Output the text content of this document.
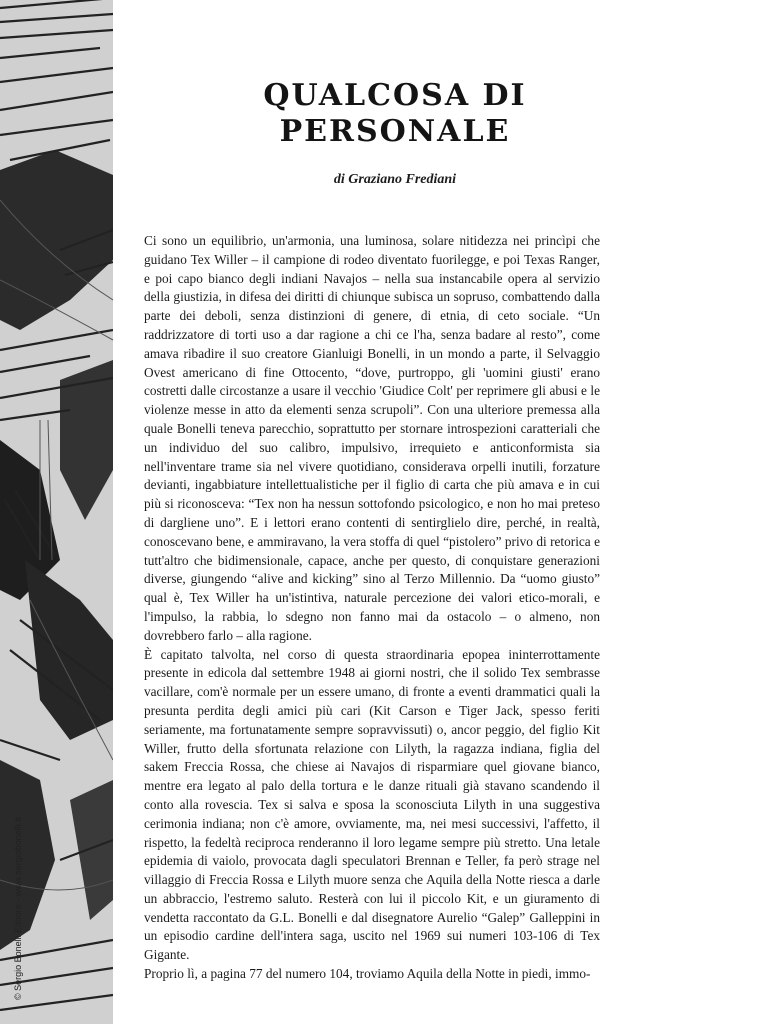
© Sergio Bonelli Editore - www.sergiobonelli.it
QUALCOSA DI
PERSONALE
di Graziano Frediani

Ci sono un equilibrio, un'armonia, una luminosa, solare nitidezza nei princìpi che guidano Tex Willer – il campione di rodeo diventato fuorilegge, e poi Texas Ranger, e poi capo bianco degli indiani Navajos – nella sua instancabile opera al servizio della giustizia, in difesa dei diritti di chiunque subisca un sopruso, combattendo dalla parte dei deboli, senza distinzioni di genere, di etnia, di ceto sociale. “Un raddrizzatore di torti uso a dar ragione a chi ce l'ha, senza badare al resto”, come amava ribadire il suo creatore Gianluigi Bonelli, in un mondo a parte, il Selvaggio Ovest americano di fine Ottocento, “dove, purtroppo, gli 'uomini giusti' erano costretti dalle circostanze a usare il vecchio 'Giudice Colt' per reprimere gli abusi e le violenze messe in atto da elementi senza scrupoli”. Con una ulteriore premessa alla quale Bonelli teneva parecchio, soprattutto per stornare introspezioni caratteriali che un individuo del suo calibro, impulsivo, irrequieto e anticonformista sia nell'inventare trame sia nel vivere quotidiano, considerava orpelli inutili, forzature devianti, ingabbiature intellettualistiche per il figlio di carta che più amava e in cui più si riconosceva: “Tex non ha nessun sottofondo psicologico, e non ho mai preteso di dargliene uno”. E i lettori erano contenti di sentirglielo dire, perché, in realtà, conoscevano bene, e ammiravano, la vera stoffa di quel “pistolero” privo di retorica e tutt'altro che bidimensionale, capace, anche per questo, di conquistare generazioni diverse, giungendo “alive and kicking” sino al Terzo Millennio. Da “uomo giusto” qual è, Tex Willer ha un'istintiva, naturale percezione dei valori etico-morali, e l'impulso, la rabbia, lo sdegno non fanno mai da ostacolo – o almeno, non dovrebbero farlo – alla ragione.

È capitato talvolta, nel corso di questa straordinaria epopea ininterrottamente presente in edicola dal settembre 1948 ai giorni nostri, che il solido Tex sembrasse vacillare, com'è normale per un essere umano, di fronte a eventi drammatici quali la presunta perdita degli amici più cari (Kit Carson e Tiger Jack, spesso feriti seriamente, ma fortunatamente sempre sopravvissuti) o, ancor peggio, del figlio Kit Willer, frutto della sfortunata relazione con Lilyth, la ragazza indiana, figlia del sakem Freccia Rossa, che chiese ai Navajos di risparmiare quel giovane bianco, mentre era legato al palo della tortura e le danze rituali già stavano scandendo il conto alla rovescia. Tex si salva e sposa la sconosciuta Lilyth in una suggestiva cerimonia indiana; non c'è amore, ovviamente, ma, nei mesi successivi, l'affetto, il rispetto, la fedeltà reciproca renderanno il loro legame sempre più stretto. Una letale epidemia di vaiolo, provocata dagli speculatori Brennan e Teller, fa però strage nel villaggio di Freccia Rossa e Lilyth muore senza che Aquila della Notte riesca a darle un abbraccio, l'estremo saluto. Resterà con lui il piccolo Kit, e un giuramento di vendetta raccontato da G.L. Bonelli e dal disegnatore Aurelio “Galep” Galleppini in un episodio cardine dell'intera saga, uscito nel 1969 sui numeri 103-106 di Tex Gigante.

Proprio lì, a pagina 77 del numero 104, troviamo Aquila della Notte in piedi, immo-
